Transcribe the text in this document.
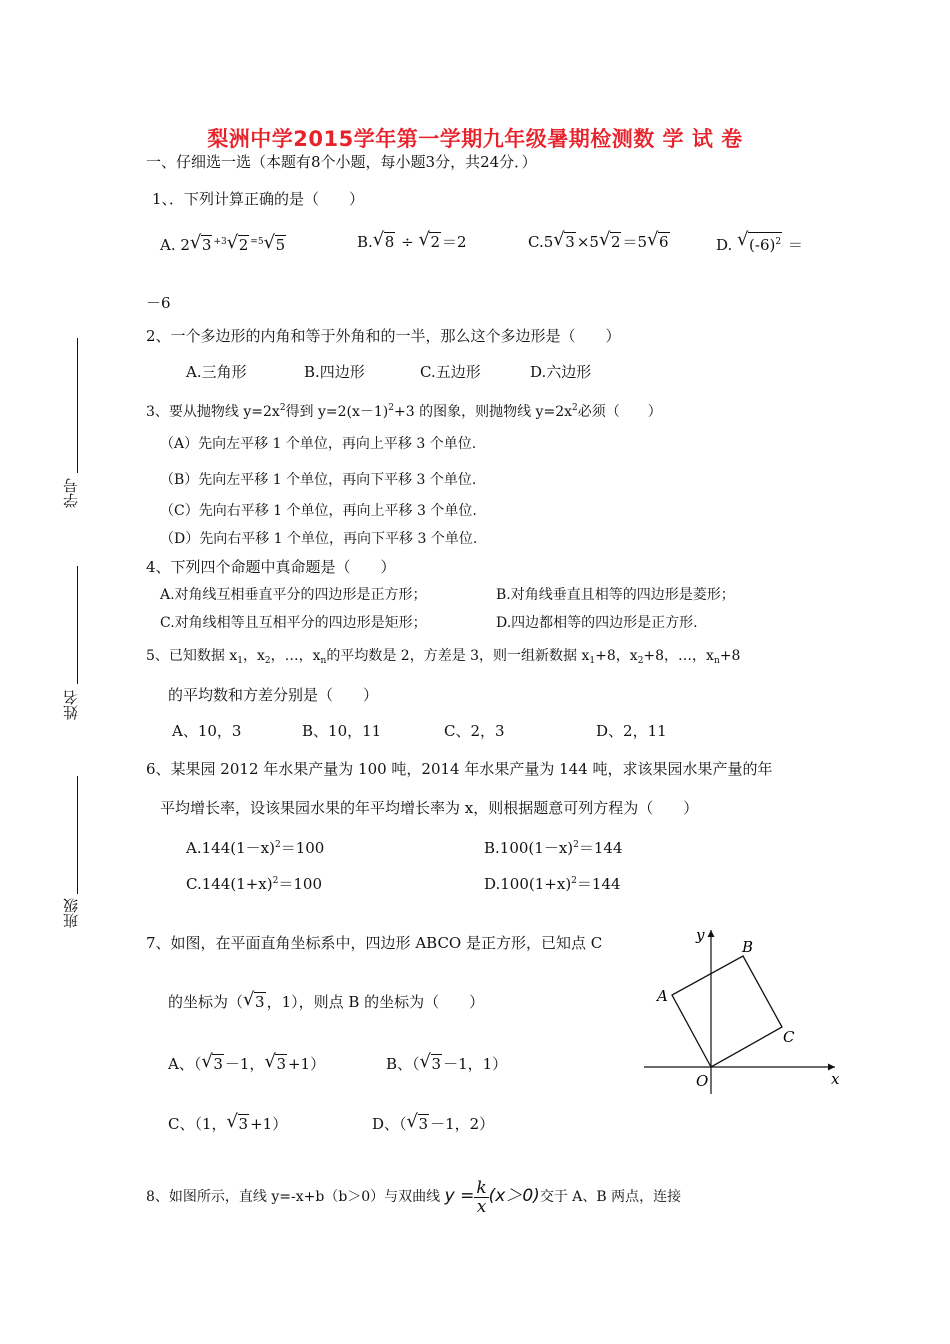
梨洲中学2015学年第一学期九年级暑期检测数 学 试 卷
学号
姓名
班级
一、仔细选一选（本题有8个小题，每小题3分，共24分．）
1、．下列计算正确的是（　　）
A. 2 √ 3 $^{+3}$ √ 2 $^{=5}$ √ 5	B. √ 8 ÷ √ 2 ＝2	C.5 √ 3 ×5 √ 2 ＝5 √ 6	D. √ $(-6)^2$ ＝
－6
2、一个多边形的内角和等于外角和的一半，那么这个多边形是（　　）
A.三角形	B.四边形	C.五边形	D.六边形
3、要从抛物线 $y=2x^2$得到 $y=2(x-1)^2+3$ 的图象，则抛物线 $y=2x^2$必须（　　）
（A）先向左平移 1 个单位，再向上平移 3 个单位.
（B）先向左平移 1 个单位，再向下平移 3 个单位.
（C）先向右平移 1 个单位，再向上平移 3 个单位.
（D）先向右平移 1 个单位，再向下平移 3 个单位.
4、下列四个命题中真命题是（　　）
A.对角线互相垂直平分的四边形是正方形；	B.对角线垂直且相等的四边形是菱形；
C.对角线相等且互相平分的四边形是矩形；	D.四边都相等的四边形是正方形.
5、已知数据 $x_1$，$x_2$，…，$x_n$的平均数是 2，方差是 3，则一组新数据 $x_1+8$，$x_2+8$，…，$x_n+8$
的平均数和方差分别是（　　）
A、10，3	B、10，11	C、2，3	D、2，11
6、某果园 2012 年水果产量为 100 吨，2014 年水果产量为 144 吨，求该果园水果产量的年
平均增长率，设该果园水果的年平均增长率为 x，则根据题意可列方程为（　　）
$A.144(1-x)^2=100$	$B.100(1-x)^2=144$
$C.144(1+x)^2=100$	$D.100(1+x)^2=144$
7、如图，在平面直角坐标系中，四边形 ABCO 是正方形，已知点 C
的坐标为（ √ 3 ，1），则点 B 的坐标为（　　）
A、（ √ 3 －1， √ 3 +1）	B、（ √ 3 －1，1）
C、（1， √ 3 +1）	D、（ √ 3 －1，2）
y
x
O
A
B
C
8、如图所示，直线 y=-x+b（b＞0）与双曲线 $y = \frac{k}{x} (x>0)$交于 A、B 两点，连接
